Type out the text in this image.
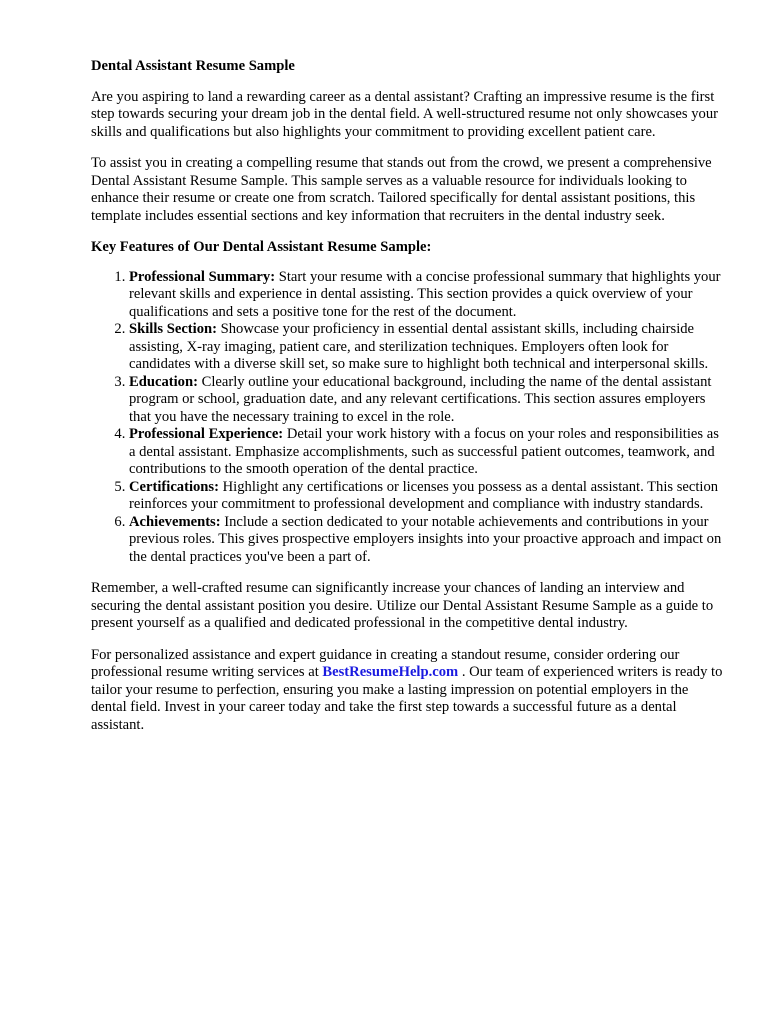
Dental Assistant Resume Sample

Are you aspiring to land a rewarding career as a dental assistant? Crafting an impressive resume is the first step towards securing your dream job in the dental field. A well-structured resume not only showcases your skills and qualifications but also highlights your commitment to providing excellent patient care.

To assist you in creating a compelling resume that stands out from the crowd, we present a comprehensive Dental Assistant Resume Sample. This sample serves as a valuable resource for individuals looking to enhance their resume or create one from scratch. Tailored specifically for dental assistant positions, this template includes essential sections and key information that recruiters in the dental industry seek.

Key Features of Our Dental Assistant Resume Sample:
1. Professional Summary: Start your resume with a concise professional summary that highlights your relevant skills and experience in dental assisting. This section provides a quick overview of your qualifications and sets a positive tone for the rest of the document.
2. Skills Section: Showcase your proficiency in essential dental assistant skills, including chairside assisting, X-ray imaging, patient care, and sterilization techniques. Employers often look for candidates with a diverse skill set, so make sure to highlight both technical and interpersonal skills.
3. Education: Clearly outline your educational background, including the name of the dental assistant program or school, graduation date, and any relevant certifications. This section assures employers that you have the necessary training to excel in the role.
4. Professional Experience: Detail your work history with a focus on your roles and responsibilities as a dental assistant. Emphasize accomplishments, such as successful patient outcomes, teamwork, and contributions to the smooth operation of the dental practice.
5. Certifications: Highlight any certifications or licenses you possess as a dental assistant. This section reinforces your commitment to professional development and compliance with industry standards.
6. Achievements: Include a section dedicated to your notable achievements and contributions in your previous roles. This gives prospective employers insights into your proactive approach and impact on the dental practices you've been a part of.

Remember, a well-crafted resume can significantly increase your chances of landing an interview and securing the dental assistant position you desire. Utilize our Dental Assistant Resume Sample as a guide to present yourself as a qualified and dedicated professional in the competitive dental industry.

For personalized assistance and expert guidance in creating a standout resume, consider ordering our professional resume writing services at BestResumeHelp.com . Our team of experienced writers is ready to tailor your resume to perfection, ensuring you make a lasting impression on potential employers in the dental field. Invest in your career today and take the first step towards a successful future as a dental assistant.
